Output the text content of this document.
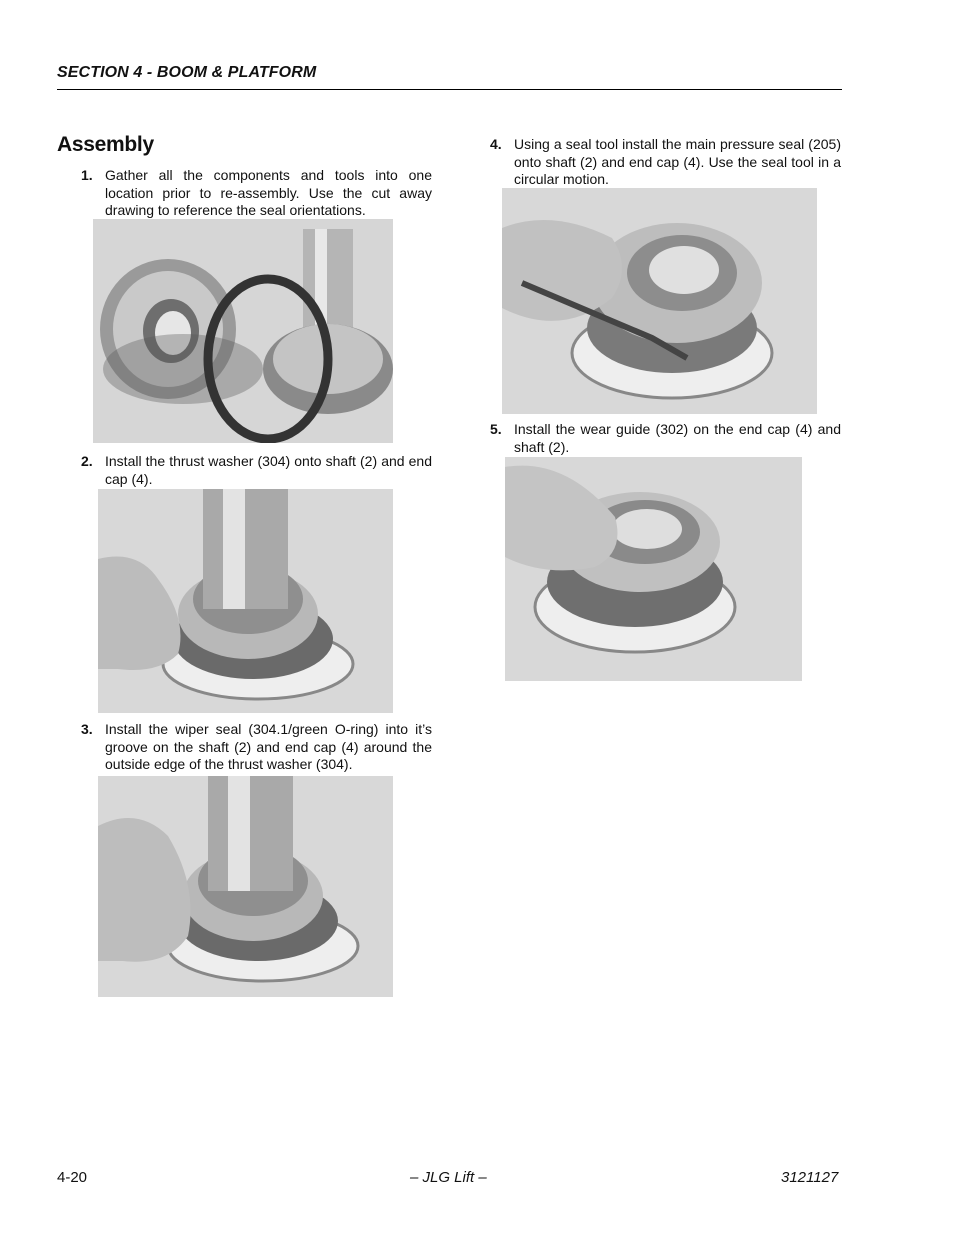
SECTION 4 - BOOM & PLATFORM
Assembly
1. Gather all the components and tools into one location prior to re-assembly. Use the cut away drawing to reference the seal orientations.
2. Install the thrust washer (304) onto shaft (2) and end cap (4).
3. Install the wiper seal (304.1/green O-ring) into it’s groove on the shaft (2) and end cap (4) around the outside edge of the thrust washer (304).
4. Using a seal tool install the main pressure seal (205) onto shaft (2) and end cap (4). Use the seal tool in a circular motion.
5. Install the wear guide (302) on the end cap (4) and shaft (2).
4-20	– JLG Lift –	3121127
